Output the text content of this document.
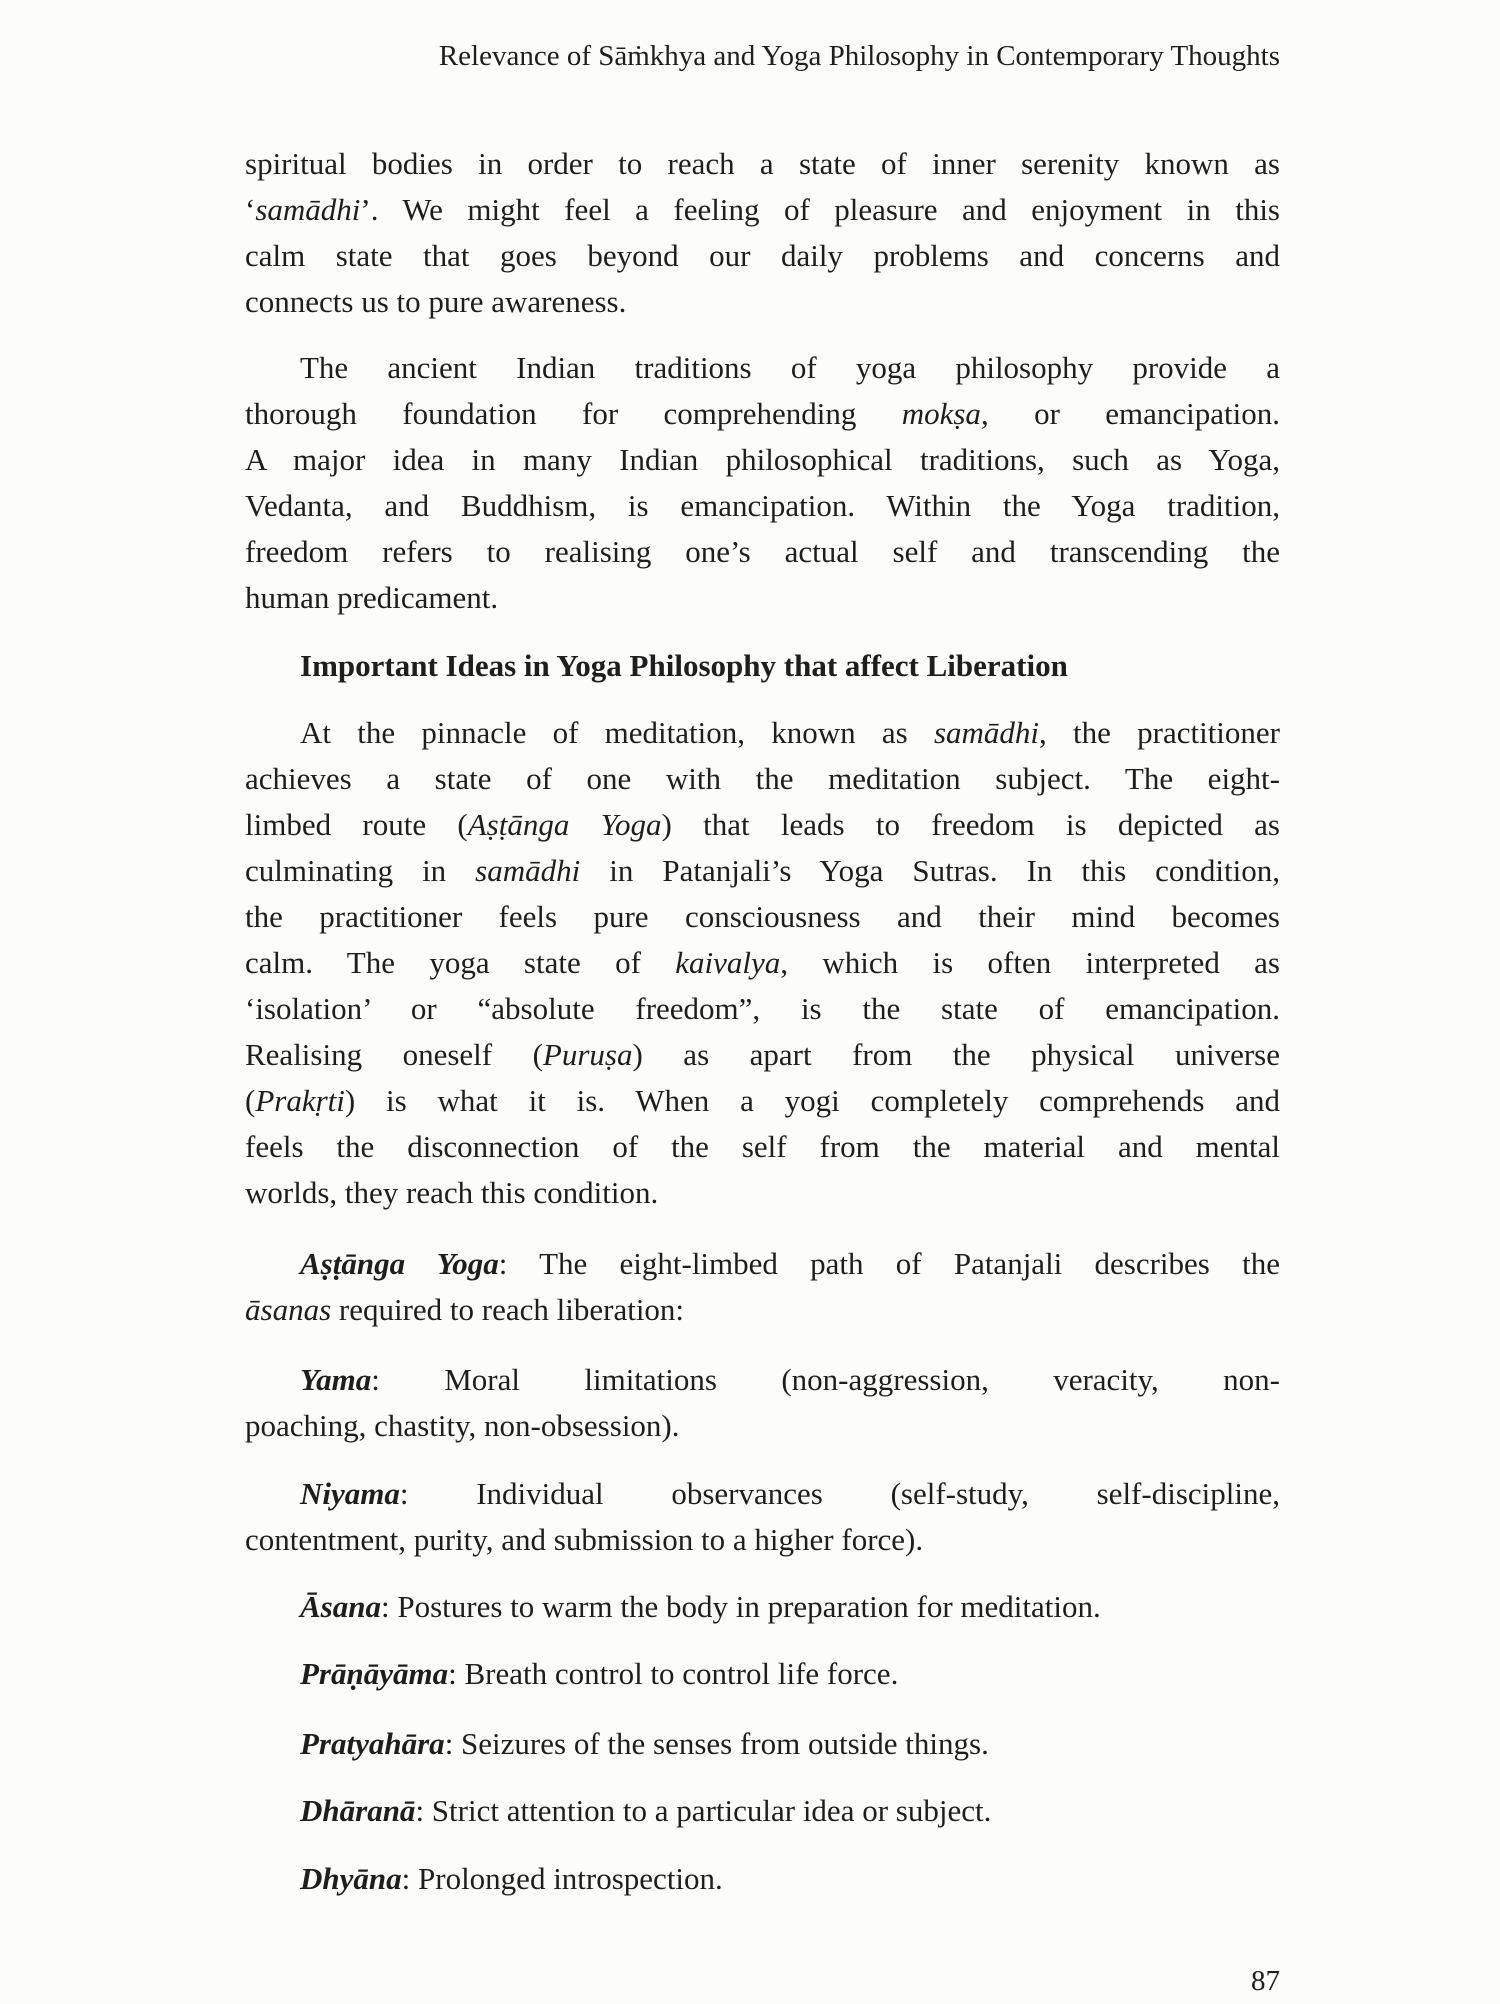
Relevance of Sāṁkhya and Yoga Philosophy in Contemporary Thoughts
Important Ideas in Yoga Philosophy that affect Liberation
spiritual bodies in order to reach a state of inner serenity known as
‘samādhi’. We might feel a feeling of pleasure and enjoyment in this
calm state that goes beyond our daily problems and concerns and
connects us to pure awareness.
The ancient Indian traditions of yoga philosophy provide a
thorough foundation for comprehending mokṣa, or emancipation.
A major idea in many Indian philosophical traditions, such as Yoga,
Vedanta, and Buddhism, is emancipation. Within the Yoga tradition,
freedom refers to realising one’s actual self and transcending the
human predicament.
At the pinnacle of meditation, known as samādhi, the practitioner
achieves a state of one with the meditation subject. The eight-
limbed route (Aṣṭānga Yoga) that leads to freedom is depicted as
culminating in samādhi in Patanjali’s Yoga Sutras. In this condition,
the practitioner feels pure consciousness and their mind becomes
calm. The yoga state of kaivalya, which is often interpreted as
‘isolation’ or “absolute freedom”, is the state of emancipation.
Realising oneself (Puruṣa) as apart from the physical universe
(Prakṛti) is what it is. When a yogi completely comprehends and
feels the disconnection of the self from the material and mental
worlds, they reach this condition.
Aṣṭānga Yoga: The eight-limbed path of Patanjali describes the
āsanas required to reach liberation:
Yama: Moral limitations (non-aggression, veracity, non-
poaching, chastity, non-obsession).
Niyama: Individual observances (self-study, self-discipline,
contentment, purity, and submission to a higher force).
Āsana: Postures to warm the body in preparation for meditation.
Prāṇāyāma: Breath control to control life force.
Pratyahāra: Seizures of the senses from outside things.
Dhāranā: Strict attention to a particular idea or subject.
Dhyāna: Prolonged introspection.
87
